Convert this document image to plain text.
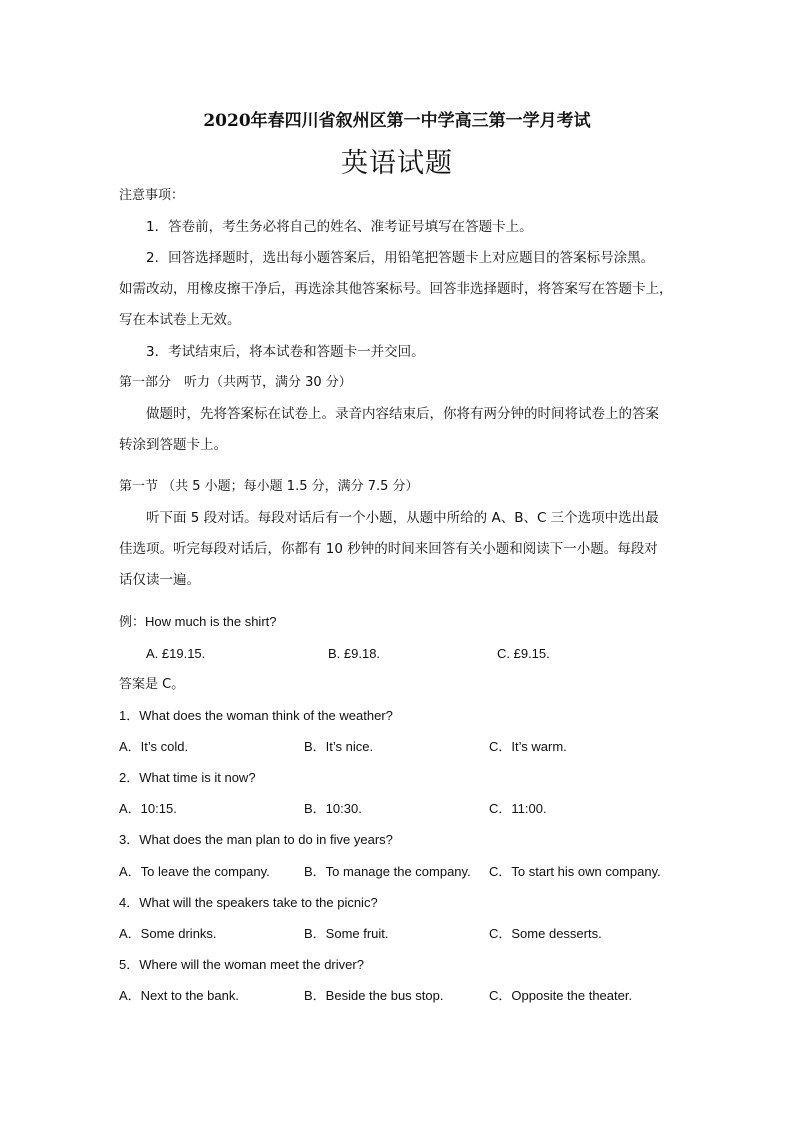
2020年春四川省叙州区第一中学高三第一学月考试
英语试题
注意事项：
1．答卷前，考生务必将自己的姓名、准考证号填写在答题卡上。
2．回答选择题时，选出每小题答案后，用铅笔把答题卡上对应题目的答案标号涂黑。
如需改动，用橡皮擦干净后，再选涂其他答案标号。回答非选择题时，将答案写在答题卡上，
写在本试卷上无效。
3．考试结束后，将本试卷和答题卡一并交回。
第一部分　听力（共两节，满分 30 分）
做题时，先将答案标在试卷上。录音内容结束后，你将有两分钟的时间将试卷上的答案
转涂到答题卡上。
第一节 （共 5 小题；每小题 1.5 分，满分 7.5 分）
听下面 5 段对话。每段对话后有一个小题，从题中所给的 A、B、C 三个选项中选出最
佳选项。听完每段对话后，你都有 10 秒钟的时间来回答有关小题和阅读下一小题。每段对
话仅读一遍。
例：How much is the shirt?
A. £19.15.	B. £9.18.	C. £9.15.
答案是 C。
1．What does the woman think of the weather?
A．It’s cold.	B．It’s nice.	C．It’s warm.
2．What time is it now?
A．10:15.	B．10:30.	C．11:00.
3．What does the man plan to do in five years?
A．To leave the company.	B．To manage the company. C．To start his own company.
4．What will the speakers take to the picnic?
A．Some drinks.	B．Some fruit.	C．Some desserts.
5．Where will the woman meet the driver?
A．Next to the bank.	B．Beside the bus stop.	C．Opposite the theater.
